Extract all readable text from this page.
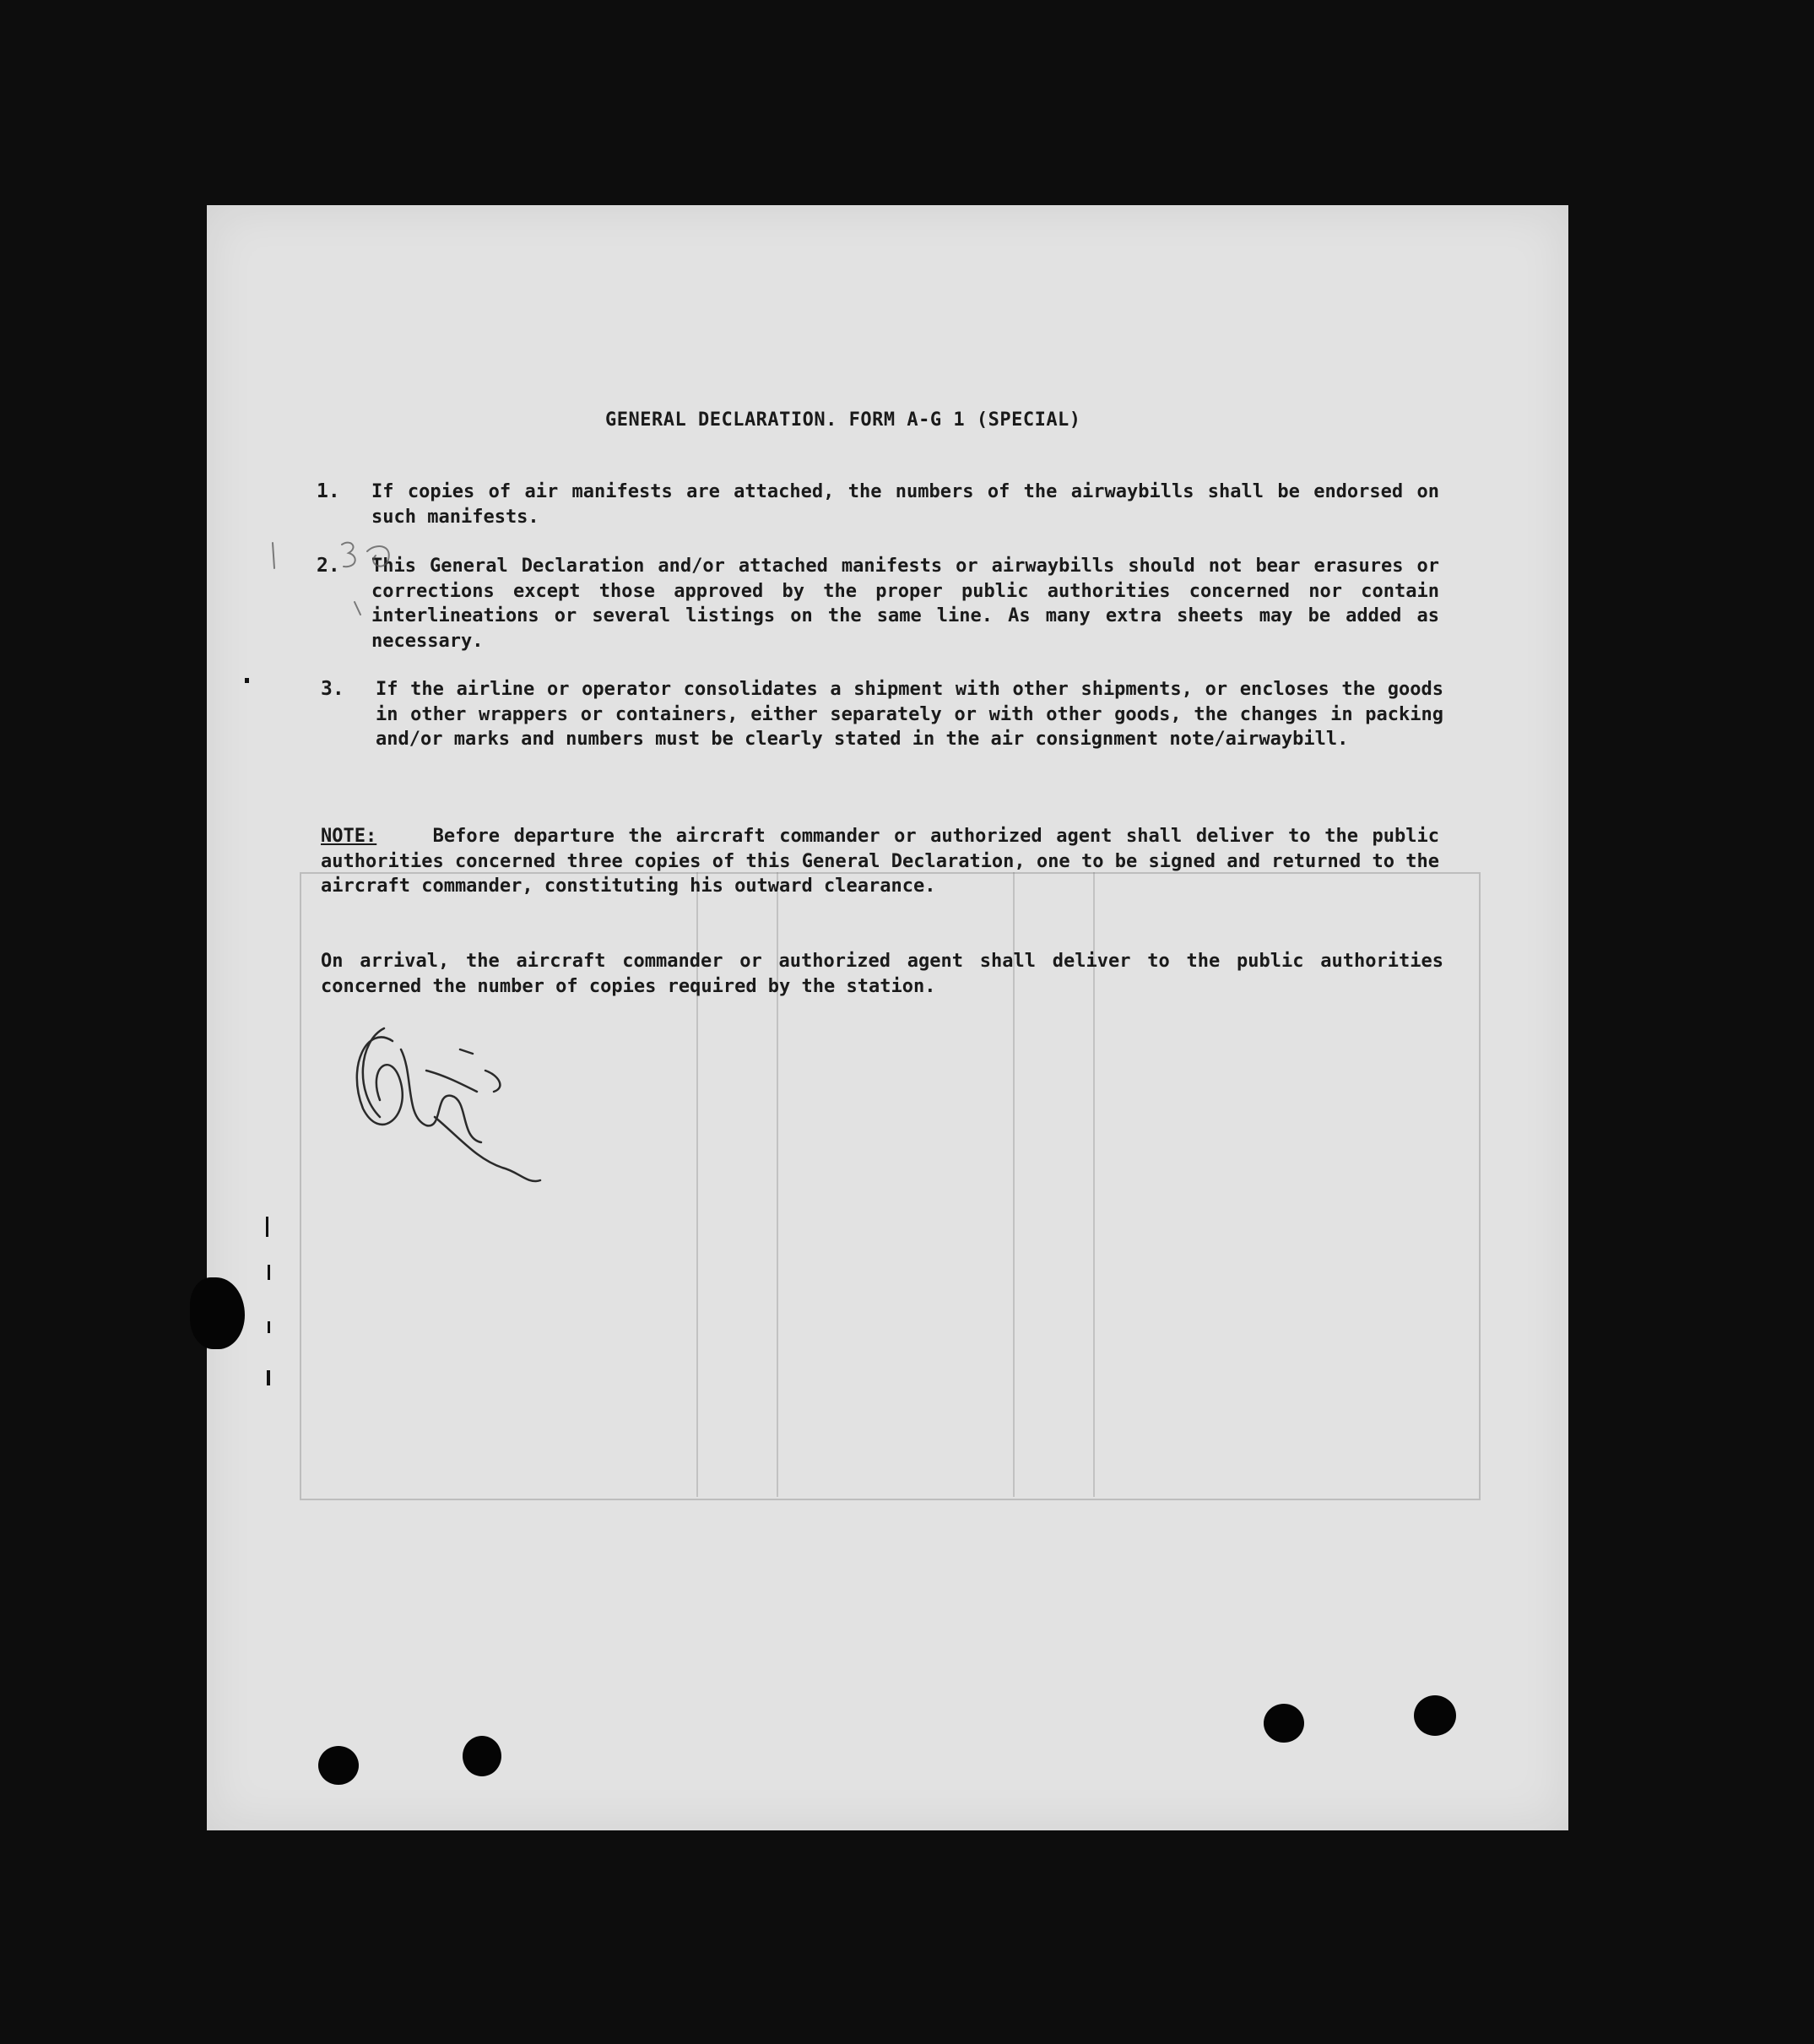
GENERAL DECLARATION. FORM A-G 1 (SPECIAL)
1. If copies of air manifests are attached, the numbers of the airwaybills shall be endorsed on such manifests.
2. This General Declaration and/or attached manifests or airwaybills should not bear erasures or corrections except those approved by the proper public authorities concerned nor contain interlineations or several listings on the same line. As many extra sheets may be added as necessary.
3. If the airline or operator consolidates a shipment with other shipments, or encloses the goods in other wrappers or containers, either separately or with other goods, the changes in packing and/or marks and numbers must be clearly stated in the air consignment note/airwaybill.
NOTE:	Before departure the aircraft commander or authorized agent shall deliver to the public authorities concerned three copies of this General Declaration, one to be signed and returned to the aircraft commander, constituting his outward clearance.
On arrival, the aircraft commander or authorized agent shall deliver to the public authorities concerned the number of copies required by the station.
